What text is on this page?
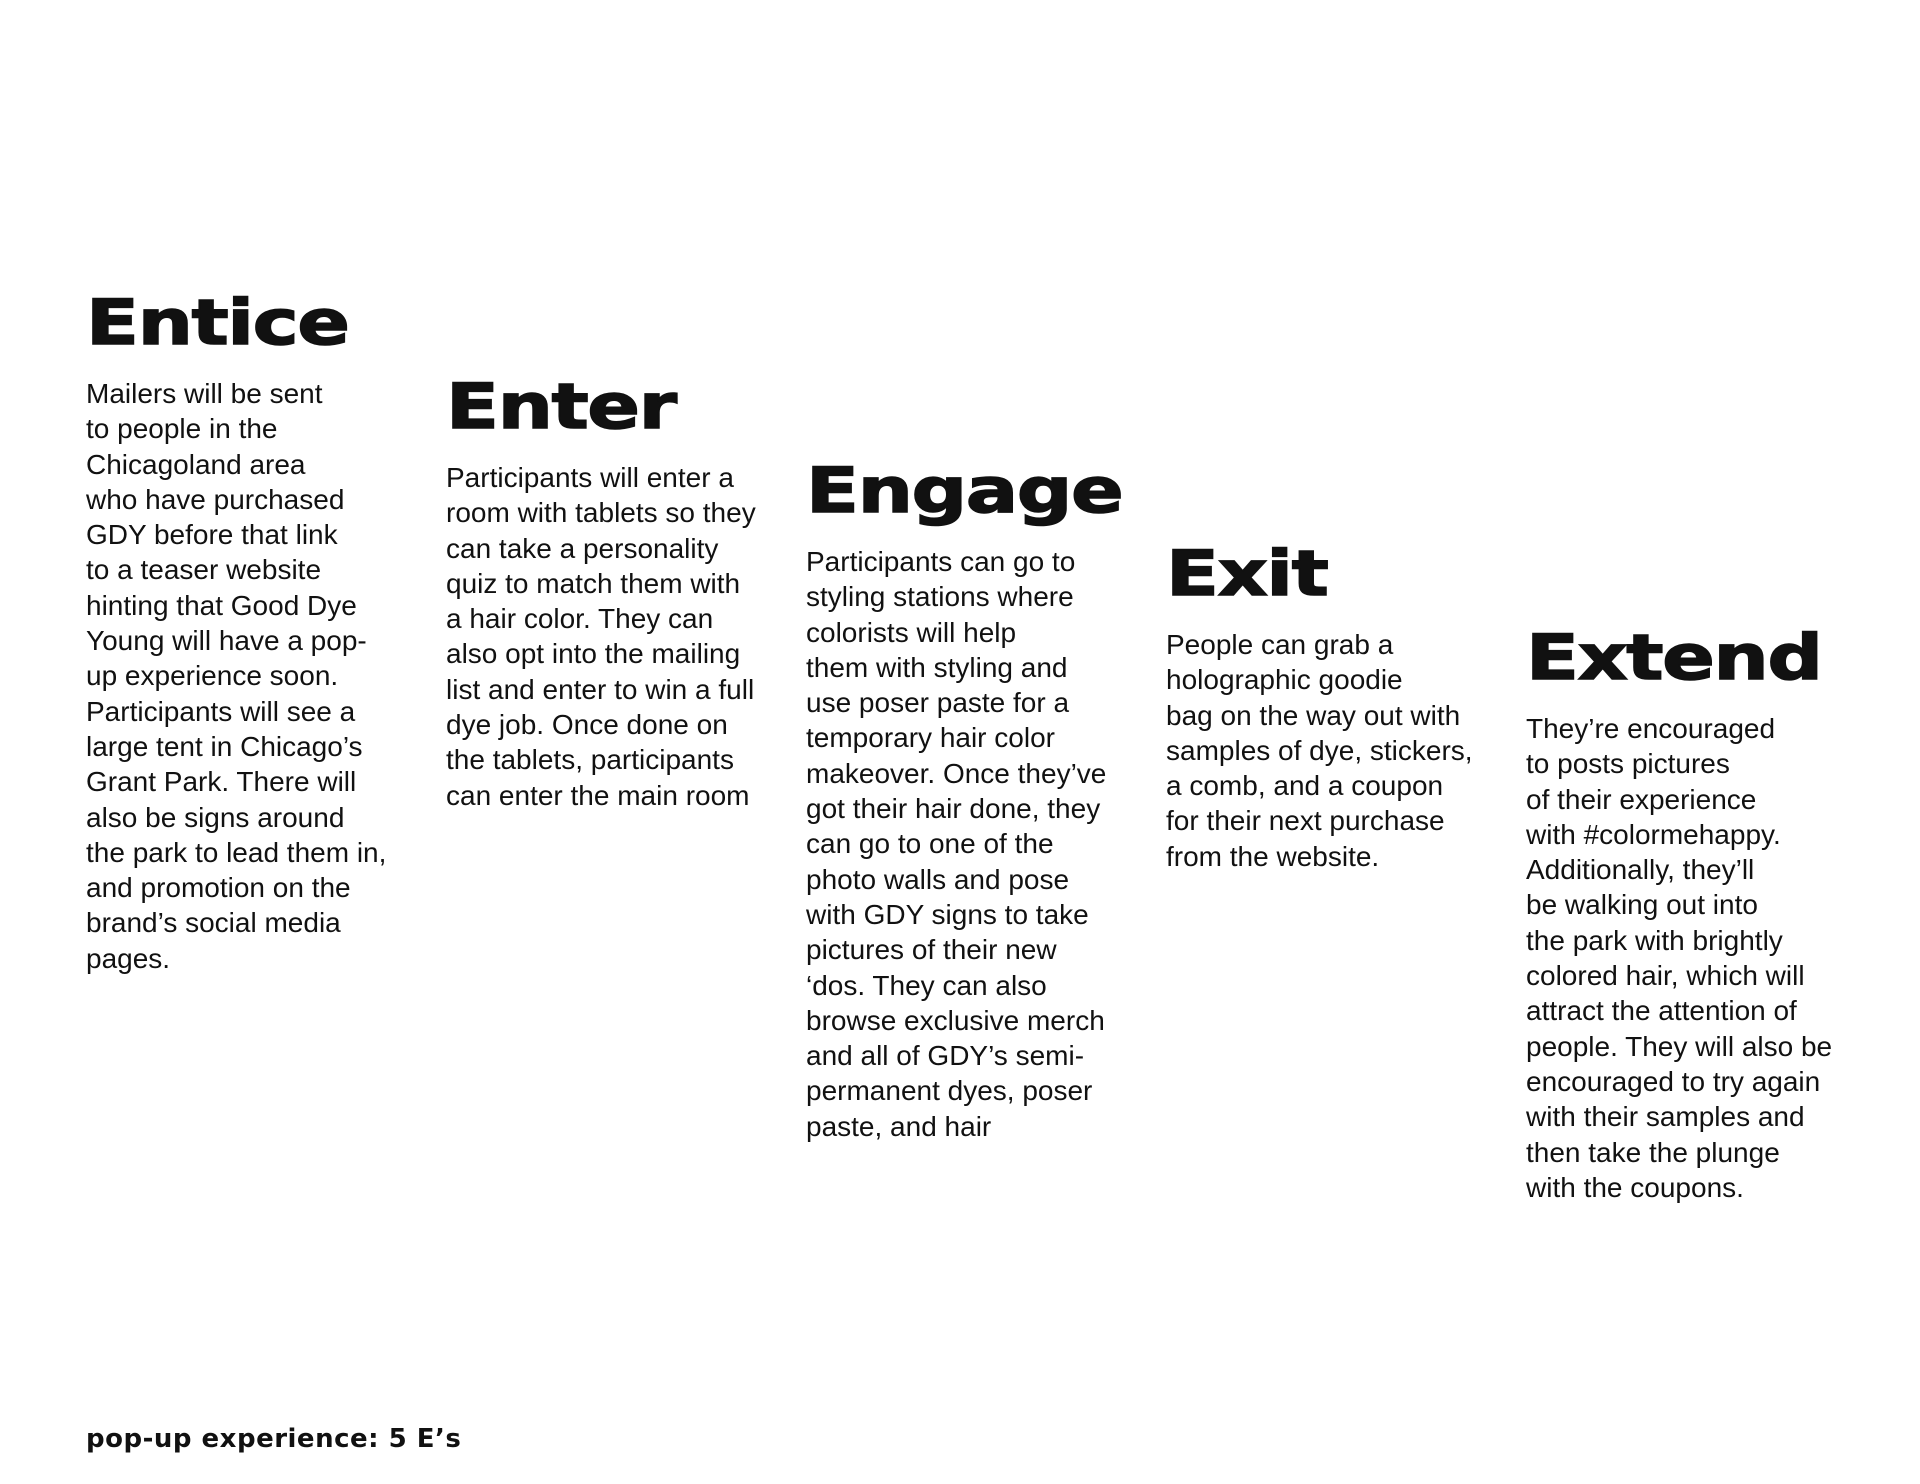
Entice

Mailers will be sent
to people in the
Chicagoland area
who have purchased
GDY before that link
to a teaser website
hinting that Good Dye
Young will have a pop-
up experience soon.
Participants will see a
large tent in Chicago’s
Grant Park. There will
also be signs around
the park to lead them in,
and promotion on the
brand’s social media
pages.

Enter

Participants will enter a
room with tablets so they
can take a personality
quiz to match them with
a hair color. They can
also opt into the mailing
list and enter to win a full
dye job. Once done on
the tablets, participants
can enter the main room

Engage

Participants can go to
styling stations where
colorists will help
them with styling and
use poser paste for a
temporary hair color
makeover. Once they’ve
got their hair done, they
can go to one of the
photo walls and pose
with GDY signs to take
pictures of their new
‘dos. They can also
browse exclusive merch
and all of GDY’s semi-
permanent dyes, poser
paste, and hair

Exit

People can grab a
holographic goodie
bag on the way out with
samples of dye, stickers,
a comb, and a coupon
for their next purchase
from the website.

Extend

They’re encouraged
to posts pictures
of their experience
with #colormehappy.
Additionally, they’ll
be walking out into
the park with brightly
colored hair, which will
attract the attention of
people. They will also be
encouraged to try again
with their samples and
then take the plunge
with the coupons.

pop-up experience: 5 E’s
